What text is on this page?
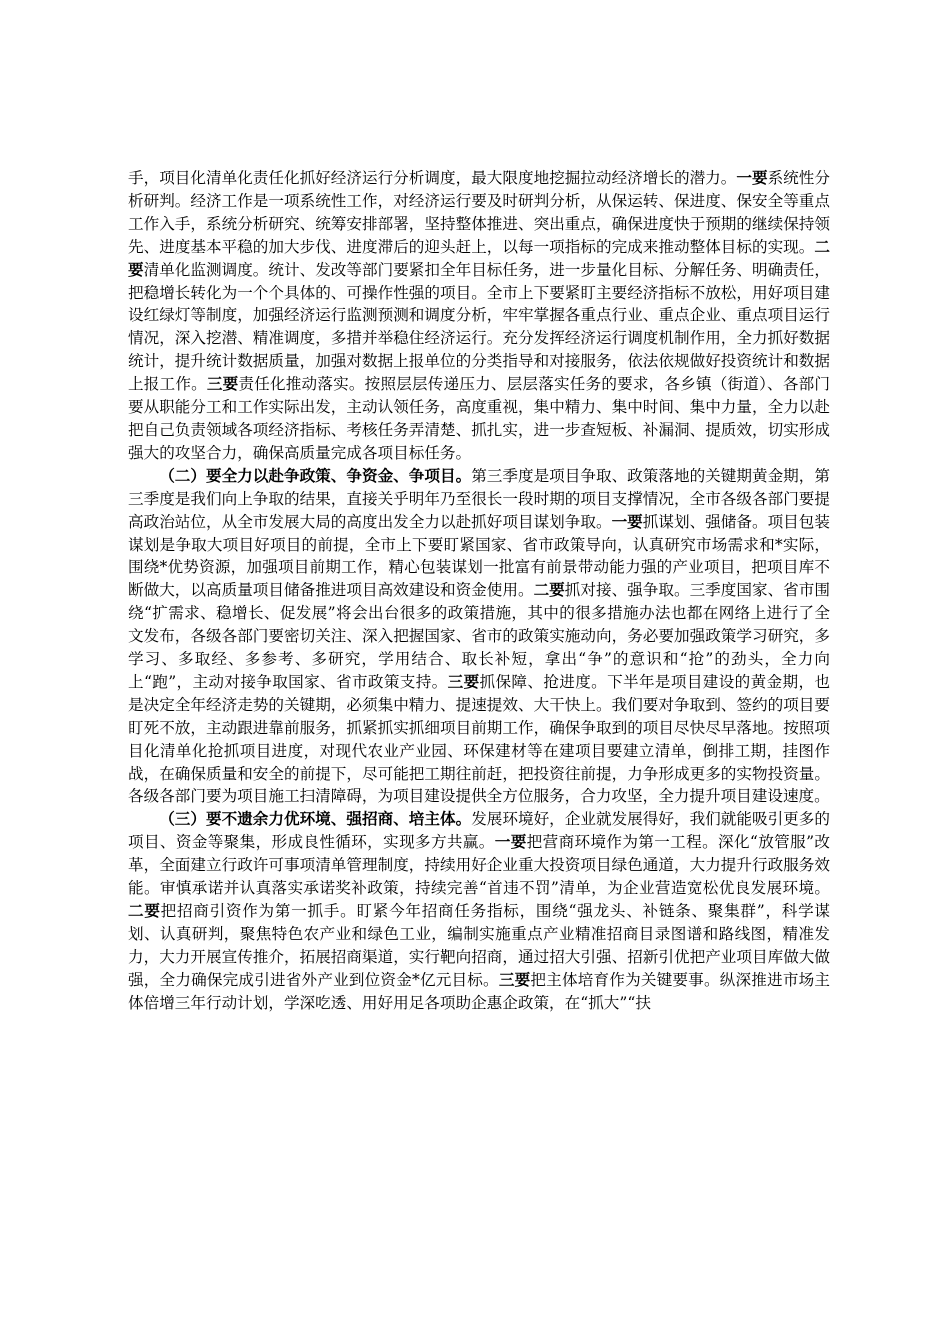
手，项目化清单化责任化抓好经济运行分析调度，最大限度地挖掘拉动经济增长的潜力。一要系统性分析研判。经济工作是一项系统性工作，对经济运行要及时研判分析，从保运转、保进度、保安全等重点工作入手，系统分析研究、统筹安排部署，坚持整体推进、突出重点，确保进度快于预期的继续保持领先、进度基本平稳的加大步伐、进度滞后的迎头赶上，以每一项指标的完成来推动整体目标的实现。二要清单化监测调度。统计、发改等部门要紧扣全年目标任务，进一步量化目标、分解任务、明确责任，把稳增长转化为一个个具体的、可操作性强的项目。全市上下要紧盯主要经济指标不放松，用好项目建设红绿灯等制度，加强经济运行监测预测和调度分析，牢牢掌握各重点行业、重点企业、重点项目运行情况，深入挖潜、精准调度，多措并举稳住经济运行。充分发挥经济运行调度机制作用，全力抓好数据统计，提升统计数据质量，加强对数据上报单位的分类指导和对接服务，依法依规做好投资统计和数据上报工作。三要责任化推动落实。按照层层传递压力、层层落实任务的要求，各乡镇（街道）、各部门要从职能分工和工作实际出发，主动认领任务，高度重视，集中精力、集中时间、集中力量，全力以赴把自己负责领域各项经济指标、考核任务弄清楚、抓扎实，进一步查短板、补漏洞、提质效，切实形成强大的攻坚合力，确保高质量完成各项目标任务。

（二）要全力以赴争政策、争资金、争项目。第三季度是项目争取、政策落地的关键期黄金期，第三季度是我们向上争取的结果，直接关乎明年乃至很长一段时期的项目支撑情况，全市各级各部门要提高政治站位，从全市发展大局的高度出发全力以赴抓好项目谋划争取。一要抓谋划、强储备。项目包装谋划是争取大项目好项目的前提，全市上下要盯紧国家、省市政策导向，认真研究市场需求和*实际，围绕*优势资源，加强项目前期工作，精心包装谋划一批富有前景带动能力强的产业项目，把项目库不断做大，以高质量项目储备推进项目高效建设和资金使用。二要抓对接、强争取。三季度国家、省市围绕“扩需求、稳增长、促发展”将会出台很多的政策措施，其中的很多措施办法也都在网络上进行了全文发布，各级各部门要密切关注、深入把握国家、省市的政策实施动向，务必要加强政策学习研究，多学习、多取经、多参考、多研究，学用结合、取长补短，拿出“争”的意识和“抢”的劲头，全力向上“跑”，主动对接争取国家、省市政策支持。三要抓保障、抢进度。下半年是项目建设的黄金期，也是决定全年经济走势的关键期，必须集中精力、提速提效、大干快上。我们要对争取到、签约的项目要盯死不放，主动跟进靠前服务，抓紧抓实抓细项目前期工作，确保争取到的项目尽快尽早落地。按照项目化清单化抢抓项目进度，对现代农业产业园、环保建材等在建项目要建立清单，倒排工期，挂图作战，在确保质量和安全的前提下，尽可能把工期往前赶，把投资往前提，力争形成更多的实物投资量。各级各部门要为项目施工扫清障碍，为项目建设提供全方位服务，合力攻坚，全力提升项目建设速度。

（三）要不遗余力优环境、强招商、培主体。发展环境好，企业就发展得好，我们就能吸引更多的项目、资金等聚集，形成良性循环，实现多方共赢。一要把营商环境作为第一工程。深化“放管服”改革，全面建立行政许可事项清单管理制度，持续用好企业重大投资项目绿色通道，大力提升行政服务效能。审慎承诺并认真落实承诺奖补政策，持续完善“首违不罚”清单，为企业营造宽松优良发展环境。二要把招商引资作为第一抓手。盯紧今年招商任务指标，围绕“强龙头、补链条、聚集群”，科学谋划、认真研判，聚焦特色农产业和绿色工业，编制实施重点产业精准招商目录图谱和路线图，精准发力，大力开展宣传推介，拓展招商渠道，实行靶向招商，通过招大引强、招新引优把产业项目库做大做强，全力确保完成引进省外产业到位资金*亿元目标。三要把主体培育作为关键要事。纵深推进市场主体倍增三年行动计划，学深吃透、用好用足各项助企惠企政策，在“抓大”“扶
